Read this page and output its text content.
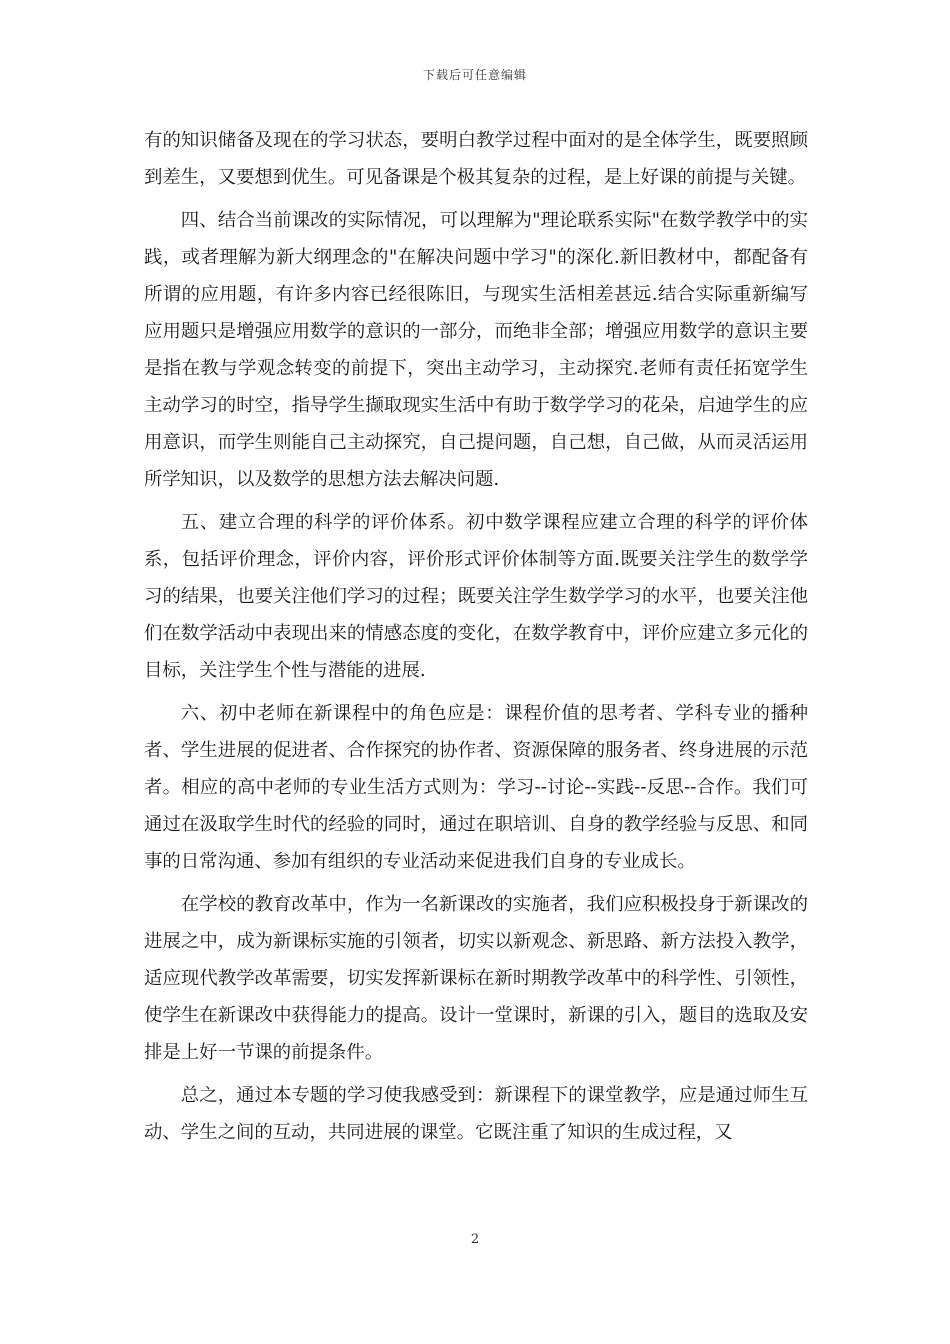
下载后可任意编辑

有的知识储备及现在的学习状态，要明白教学过程中面对的是全体学生，既要照顾到差生，又要想到优生。可见备课是个极其复杂的过程，是上好课的前提与关键。

四、结合当前课改的实际情况，可以理解为"理论联系实际"在数学教学中的实践，或者理解为新大纲理念的"在解决问题中学习"的深化.新旧教材中，都配备有所谓的应用题，有许多内容已经很陈旧，与现实生活相差甚远.结合实际重新编写应用题只是增强应用数学的意识的一部分，而绝非全部；增强应用数学的意识主要是指在教与学观念转变的前提下，突出主动学习，主动探究.老师有责任拓宽学生主动学习的时空，指导学生撷取现实生活中有助于数学学习的花朵，启迪学生的应用意识，而学生则能自己主动探究，自己提问题，自己想，自己做，从而灵活运用所学知识，以及数学的思想方法去解决问题.

五、建立合理的科学的评价体系。初中数学课程应建立合理的科学的评价体系，包括评价理念，评价内容，评价形式评价体制等方面.既要关注学生的数学学习的结果，也要关注他们学习的过程；既要关注学生数学学习的水平，也要关注他们在数学活动中表现出来的情感态度的变化，在数学教育中，评价应建立多元化的目标，关注学生个性与潜能的进展.

六、初中老师在新课程中的角色应是：课程价值的思考者、学科专业的播种者、学生进展的促进者、合作探究的协作者、资源保障的服务者、终身进展的示范者。相应的高中老师的专业生活方式则为：学习--讨论--实践--反思--合作。我们可通过在汲取学生时代的经验的同时，通过在职培训、自身的教学经验与反思、和同事的日常沟通、参加有组织的专业活动来促进我们自身的专业成长。

在学校的教育改革中，作为一名新课改的实施者，我们应积极投身于新课改的进展之中，成为新课标实施的引领者，切实以新观念、新思路、新方法投入教学，适应现代教学改革需要，切实发挥新课标在新时期教学改革中的科学性、引领性，使学生在新课改中获得能力的提高。设计一堂课时，新课的引入，题目的选取及安排是上好一节课的前提条件。

总之，通过本专题的学习使我感受到：新课程下的课堂教学，应是通过师生互动、学生之间的互动，共同进展的课堂。它既注重了知识的生成过程，又

2
